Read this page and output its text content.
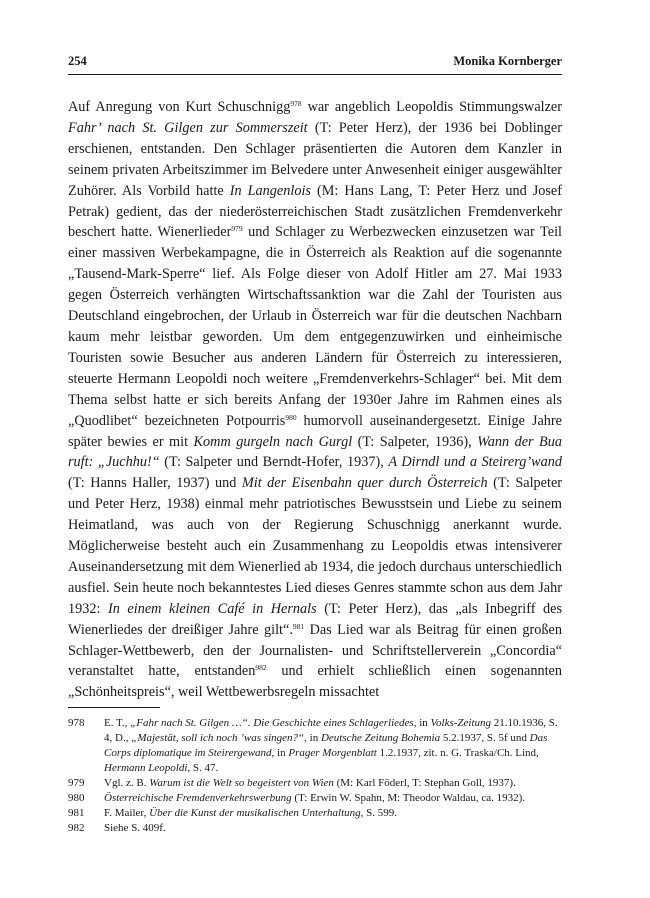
254	Monika Kornberger

Auf Anregung von Kurt Schuschnigg$^{978}$ war angeblich Leopoldis Stimmungswalzer Fahr’ nach St. Gilgen zur Sommerszeit (T: Peter Herz), der 1936 bei Doblinger erschienen, entstanden. Den Schlager präsentierten die Autoren dem Kanzler in seinem privaten Arbeitszimmer im Belvedere unter Anwesenheit einiger ausgewählter Zuhörer. Als Vorbild hatte In Langenlois (M: Hans Lang, T: Peter Herz und Josef Petrak) gedient, das der niederösterreichischen Stadt zusätzlichen Fremdenverkehr beschert hatte. Wienerlieder$^{979}$ und Schlager zu Werbezwecken einzusetzen war Teil einer massiven Werbekampagne, die in Österreich als Reaktion auf die sogenannte „Tausend-Mark-Sperre“ lief. Als Folge dieser von Adolf Hitler am 27. Mai 1933 gegen Österreich verhängten Wirtschaftssanktion war die Zahl der Touristen aus Deutschland eingebrochen, der Urlaub in Österreich war für die deutschen Nachbarn kaum mehr leistbar geworden. Um dem entgegenzuwirken und einheimische Touristen sowie Besucher aus anderen Ländern für Österreich zu interessieren, steuerte Hermann Leopoldi noch weitere „Fremdenverkehrs-Schlager“ bei. Mit dem Thema selbst hatte er sich bereits Anfang der 1930er Jahre im Rahmen eines als „Quodlibet“ bezeichneten Potpourris$^{980}$ humorvoll auseinandergesetzt. Einige Jahre später bewies er mit Komm gurgeln nach Gurgl (T: Salpeter, 1936), Wann der Bua ruft: „Juchhu!“ (T: Salpeter und Berndt-Hofer, 1937), A Dirndl und a Steirerg’wand (T: Hanns Haller, 1937) und Mit der Eisenbahn quer durch Österreich (T: Salpeter und Peter Herz, 1938) einmal mehr patriotisches Bewusstsein und Liebe zu seinem Heimatland, was auch von der Regierung Schuschnigg anerkannt wurde. Möglicherweise besteht auch ein Zusammenhang zu Leopoldis etwas intensiverer Auseinandersetzung mit dem Wienerlied ab 1934, die jedoch durchaus unterschiedlich ausfiel. Sein heute noch bekanntestes Lied dieses Genres stammte schon aus dem Jahr 1932: In einem kleinen Café in Hernals (T: Peter Herz), das „als Inbegriff des Wienerliedes der dreißiger Jahre gilt“.$^{981}$ Das Lied war als Beitrag für einen großen Schlager-Wettbewerb, den der Journalisten- und Schriftstellerverein „Concordia“ veranstaltet hatte, entstanden$^{982}$ und erhielt schließlich einen sogenannten „Schönheitspreis“, weil Wettbewerbsregeln missachtet

978	E. T., „Fahr nach St. Gilgen …“. Die Geschichte eines Schlagerliedes, in Volks-Zeitung 21.10.1936, S. 4, D., „Majestät, soll ich noch ’was singen?“, in Deutsche Zeitung Bohemia 5.2.1937, S. 5f und Das Corps diplomatique im Steirergewand, in Prager Morgenblatt 1.2.1937, zit. n. G. Traska/Ch. Lind, Hermann Leopoldi, S. 47.
979	Vgl. z. B. Warum ist die Welt so begeistert von Wien (M: Karl Föderl, T: Stephan Goll, 1937).
980	Österreichische Fremdenverkehrswerbung (T: Erwin W. Spahn, M: Theodor Waldau, ca. 1932).
981	F. Mailer, Über die Kunst der musikalischen Unterhaltung, S. 599.
982	Siehe S. 409f.
